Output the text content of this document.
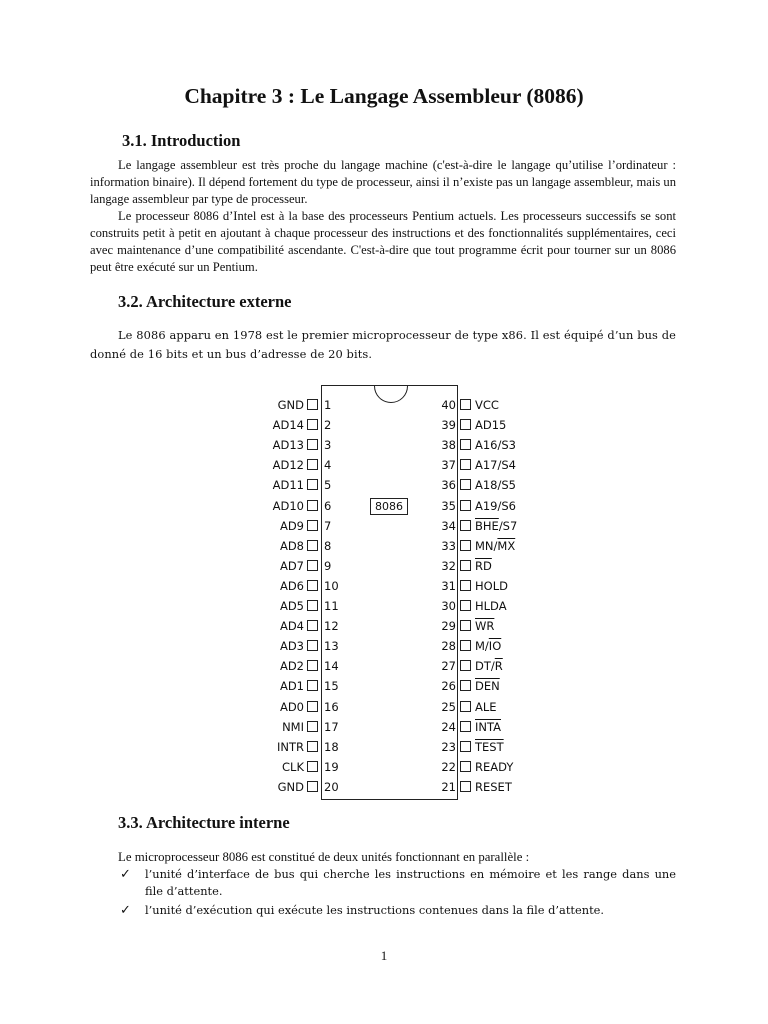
Chapitre 3 : Le Langage Assembleur (8086)
3.1. Introduction

Le langage assembleur est très proche du langage machine (c'est-à-dire le langage qu’utilise l’ordinateur : information binaire). Il dépend fortement du type de processeur, ainsi il n’existe pas un langage assembleur, mais un langage assembleur par type de processeur.

Le processeur 8086 d’Intel est à la base des processeurs Pentium actuels. Les processeurs successifs se sont construits petit à petit en ajoutant à chaque processeur des instructions et des fonctionnalités supplémentaires, ceci avec maintenance d’une compatibilité ascendante. C'est-à-dire que tout programme écrit pour tourner sur un 8086 peut être exécuté sur un Pentium.

3.2. Architecture externe

Le 8086 apparu en 1978 est le premier microprocesseur de type x86. Il est équipé d’un bus de donné de 16 bits et un bus d’adresse de 20 bits.

8086
GND 1
AD14 2
AD13 3
AD12 4
AD11 5
AD10 6
AD9 7
AD8 8
AD7 9
AD6 10
AD5 11
AD4 12
AD3 13
AD2 14
AD1 15
AD0 16
NMI 17
INTR 18
CLK 19
GND 20
40 VCC
39 AD15
38 A16/S3
37 A17/S4
36 A18/S5
35 A19/S6
34 $\overline{BHE}/S7$
33 $MN/\overline{MX}$
32 $\overline{RD}$
31 HOLD
30 HLDA
29 $\overline{WR}$
28 $M/\overline{IO}$
27 $DT/\overline{R}$
26 $\overline{DEN}$
25 ALE
24 INTA
23 TEST
22 READY
21 RESET
3.3. Architecture interne

Le microprocesseur 8086 est constitué de deux unités fonctionnant en parallèle :

✓ l’unité d’interface de bus qui cherche les instructions en mémoire et les range dans une file d’attente.
✓ l’unité d’exécution qui exécute les instructions contenues dans la file d’attente.
1
